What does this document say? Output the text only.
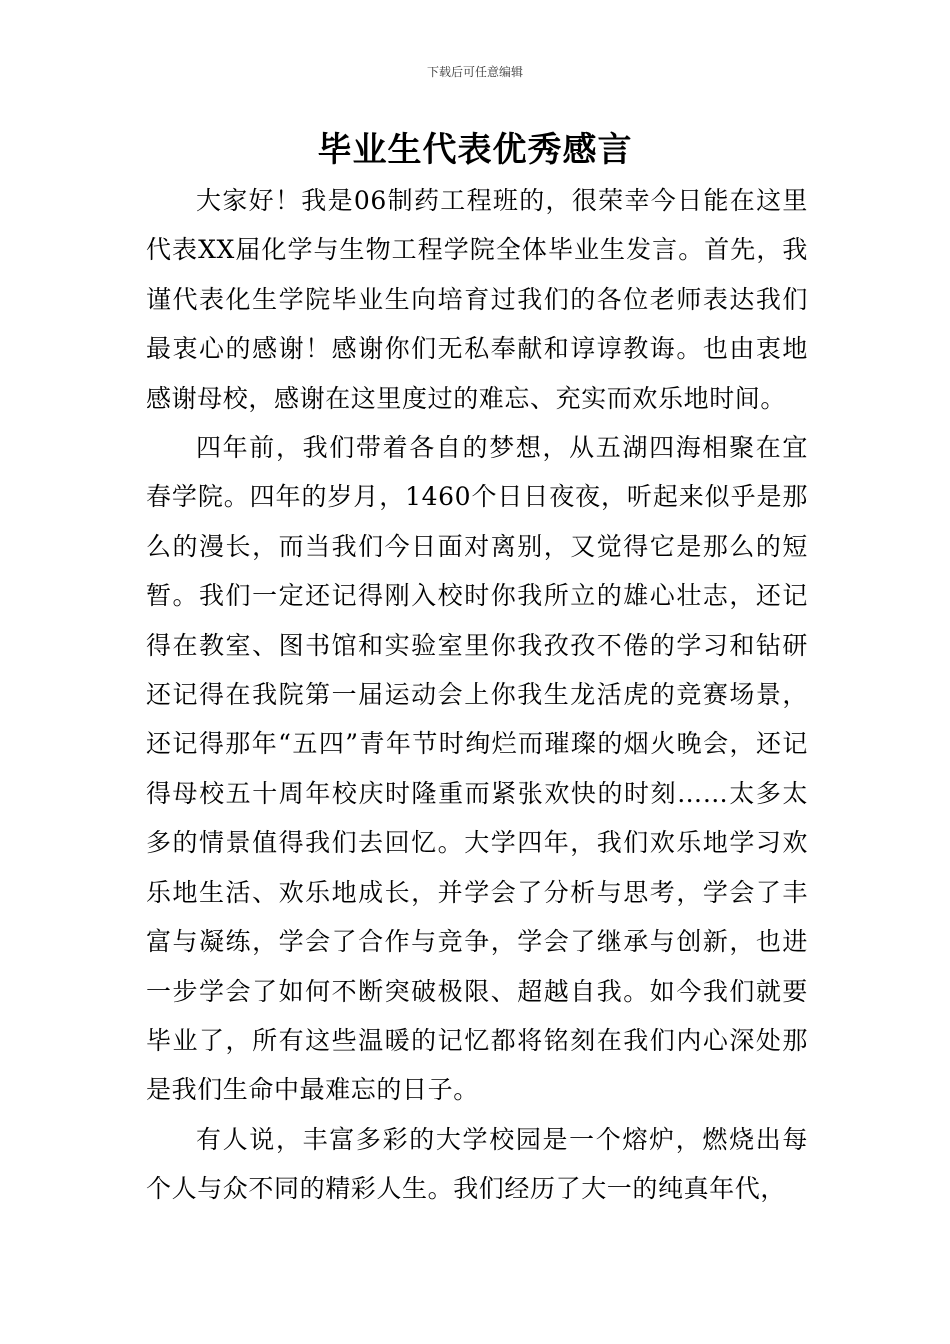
下载后可任意编辑
毕业生代表优秀感言

大家好！我是06制药工程班的，很荣幸今日能在这里代表XX届化学与生物工程学院全体毕业生发言。首先，我谨代表化生学院毕业生向培育过我们的各位老师表达我们最衷心的感谢！感谢你们无私奉献和谆谆教诲。也由衷地感谢母校，感谢在这里度过的难忘、充实而欢乐地时间。

四年前，我们带着各自的梦想，从五湖四海相聚在宜春学院。四年的岁月，1460个日日夜夜，听起来似乎是那么的漫长，而当我们今日面对离别，又觉得它是那么的短暂。我们一定还记得刚入校时你我所立的雄心壮志，还记得在教室、图书馆和实验室里你我孜孜不倦的学习和钻研还记得在我院第一届运动会上你我生龙活虎的竞赛场景，还记得那年“五四”青年节时绚烂而璀璨的烟火晚会，还记得母校五十周年校庆时隆重而紧张欢快的时刻……太多太多的情景值得我们去回忆。大学四年，我们欢乐地学习欢乐地生活、欢乐地成长，并学会了分析与思考，学会了丰富与凝练，学会了合作与竞争，学会了继承与创新，也进一步学会了如何不断突破极限、超越自我。如今我们就要毕业了，所有这些温暖的记忆都将铭刻在我们内心深处那是我们生命中最难忘的日子。

有人说，丰富多彩的大学校园是一个熔炉，燃烧出每个人与众不同的精彩人生。我们经历了大一的纯真年代，
